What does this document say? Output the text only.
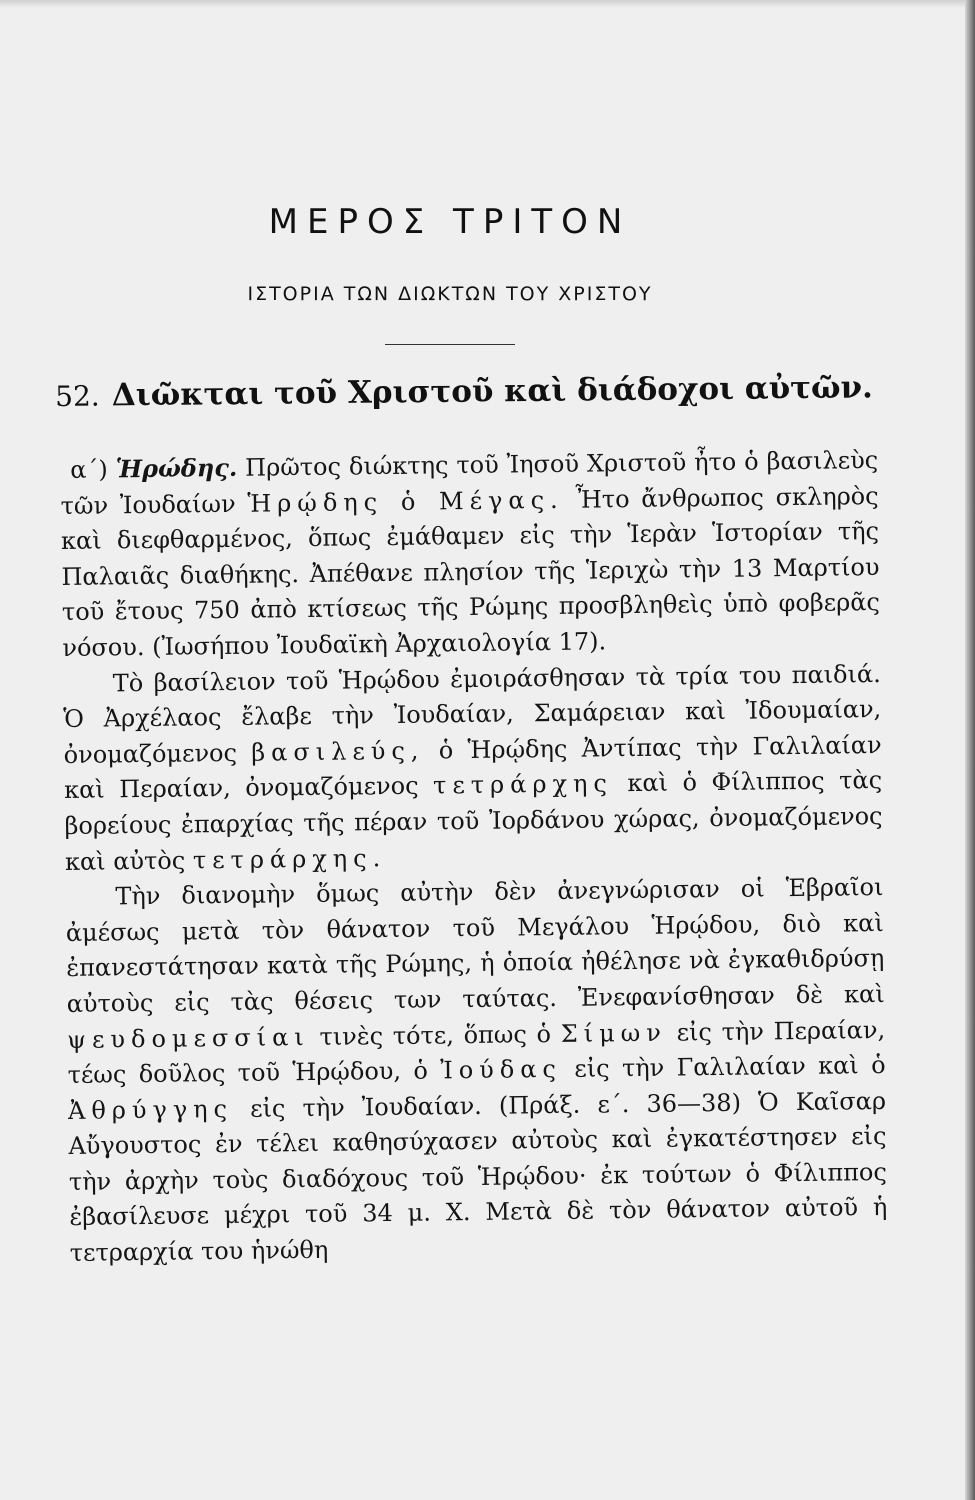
ΜΕΡΟΣ ΤΡΙΤΟΝ
ΙΣΤΟΡΙΑ ΤΩΝ ΔΙΩΚΤΩΝ ΤΟΥ ΧΡΙΣΤΟΥ
52. Διῶκται τοῦ Χριστοῦ καὶ διάδοχοι αὐτῶν.

α΄) Ἡρώδης. Πρῶτος διώκτης τοῦ Ἰησοῦ Χριστοῦ ἦτο ὁ βασιλεὺς τῶν Ἰουδαίων Ἡρῴδης ὁ Μέγας. Ἦτο ἄνθρωπος σκληρὸς καὶ διεφθαρμένος, ὅπως ἐμάθαμεν εἰς τὴν Ἱερὰν Ἱστορίαν τῆς Παλαιᾶς διαθήκης. Ἀπέθανε πλησίον τῆς Ἱεριχὼ τὴν 13 Μαρτίου τοῦ ἔτους 750 ἀπὸ κτίσεως τῆς Ρώμης προσβληθεὶς ὑπὸ φοβερᾶς νόσου. (Ἰωσήπου Ἰουδαϊκὴ Ἀρχαιολογία 17).

Τὸ βασίλειον τοῦ Ἡρῴδου ἐμοιράσθησαν τὰ τρία του παιδιά. Ὁ Ἀρχέλαος ἔλαβε τὴν Ἰουδαίαν, Σαμάρειαν καὶ Ἰδουμαίαν, ὀνομαζόμενος βασιλεύς, ὁ Ἡρῴδης Ἀντίπας τὴν Γαλιλαίαν καὶ Περαίαν, ὀνομαζόμενος τετράρχης καὶ ὁ Φίλιππος τὰς βορείους ἐπαρχίας τῆς πέραν τοῦ Ἰορδάνου χώρας, ὀνομαζόμενος καὶ αὐτὸς τετράρχης.

Τὴν διανομὴν ὅμως αὐτὴν δὲν ἀνεγνώρισαν οἱ Ἑβραῖοι ἀμέσως μετὰ τὸν θάνατον τοῦ Μεγάλου Ἡρῴδου, διὸ καὶ ἐπανεστάτησαν κατὰ τῆς Ρώμης, ἡ ὁποία ἠθέλησε νὰ ἐγκαθιδρύσῃ αὐτοὺς εἰς τὰς θέσεις των ταύτας. Ἐνεφανίσθησαν δὲ καὶ ψευδομεσσίαι τινὲς τότε, ὅπως ὁ Σίμων εἰς τὴν Περαίαν, τέως δοῦλος τοῦ Ἡρῴδου, ὁ Ἰούδας εἰς τὴν Γαλιλαίαν καὶ ὁ Ἀθρύγγης εἰς τὴν Ἰουδαίαν. (Πράξ. ε΄. 36—38) Ὁ Καῖσαρ Αὔγουστος ἐν τέλει καθησύχασεν αὐτοὺς καὶ ἐγκατέστησεν εἰς τὴν ἀρχὴν τοὺς διαδόχους τοῦ Ἡρῴδου· ἐκ τούτων ὁ Φίλιππος ἐβασίλευσε μέχρι τοῦ 34 μ. Χ. Μετὰ δὲ τὸν θάνατον αὐτοῦ ἡ τετραρχία του ἡνώθη
